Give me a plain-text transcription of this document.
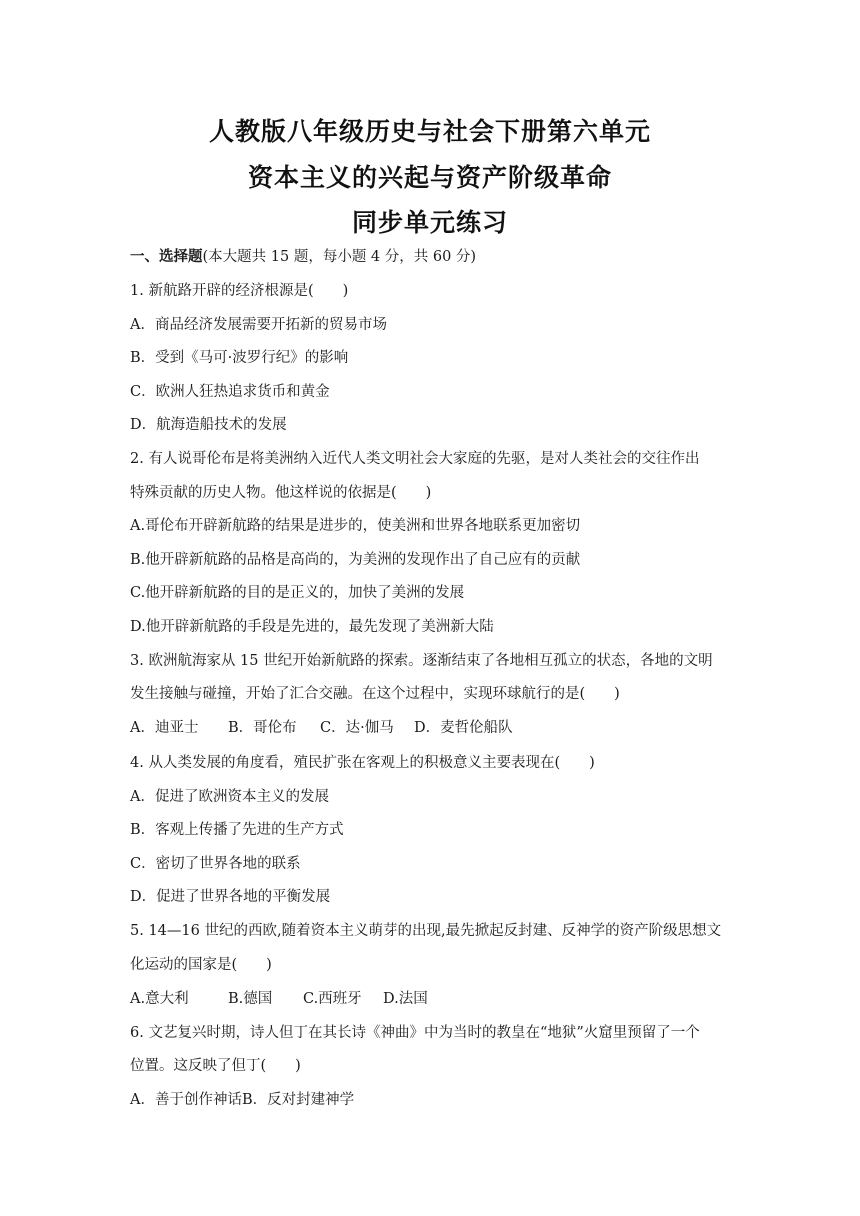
人教版八年级历史与社会下册第六单元
资本主义的兴起与资产阶级革命
同步单元练习
一、选择题(本大题共 15 题，每小题 4 分，共 60 分)
1. 新航路开辟的经济根源是(　　)
A．商品经济发展需要开拓新的贸易市场
B．受到《马可·波罗行纪》的影响
C．欧洲人狂热追求货币和黄金
D．航海造船技术的发展
2. 有人说哥伦布是将美洲纳入近代人类文明社会大家庭的先驱，是对人类社会的交往作出
特殊贡献的历史人物。他这样说的依据是(　　)
A.哥伦布开辟新航路的结果是进步的，使美洲和世界各地联系更加密切
B.他开辟新航路的品格是高尚的，为美洲的发现作出了自己应有的贡献
C.他开辟新航路的目的是正义的，加快了美洲的发展
D.他开辟新航路的手段是先进的，最先发现了美洲新大陆
3. 欧洲航海家从 15 世纪开始新航路的探索。逐渐结束了各地相互孤立的状态，各地的文明
发生接触与碰撞，开始了汇合交融。在这个过程中，实现环球航行的是(　　)
A．迪亚士 B．哥伦布 C．达·伽马 D．麦哲伦船队
4. 从人类发展的角度看，殖民扩张在客观上的积极意义主要表现在(　　)
A．促进了欧洲资本主义的发展
B．客观上传播了先进的生产方式
C．密切了世界各地的联系
D．促进了世界各地的平衡发展
5. 14—16 世纪的西欧,随着资本主义萌芽的出现,最先掀起反封建、反神学的资产阶级思想文
化运动的国家是(　　)
A.意大利	B.德国 C.西班牙 D.法国
6. 文艺复兴时期，诗人但丁在其长诗《神曲》中为当时的教皇在“地狱”火窟里预留了一个
位置。这反映了但丁(　　)
A．善于创作神话B．反对封建神学
